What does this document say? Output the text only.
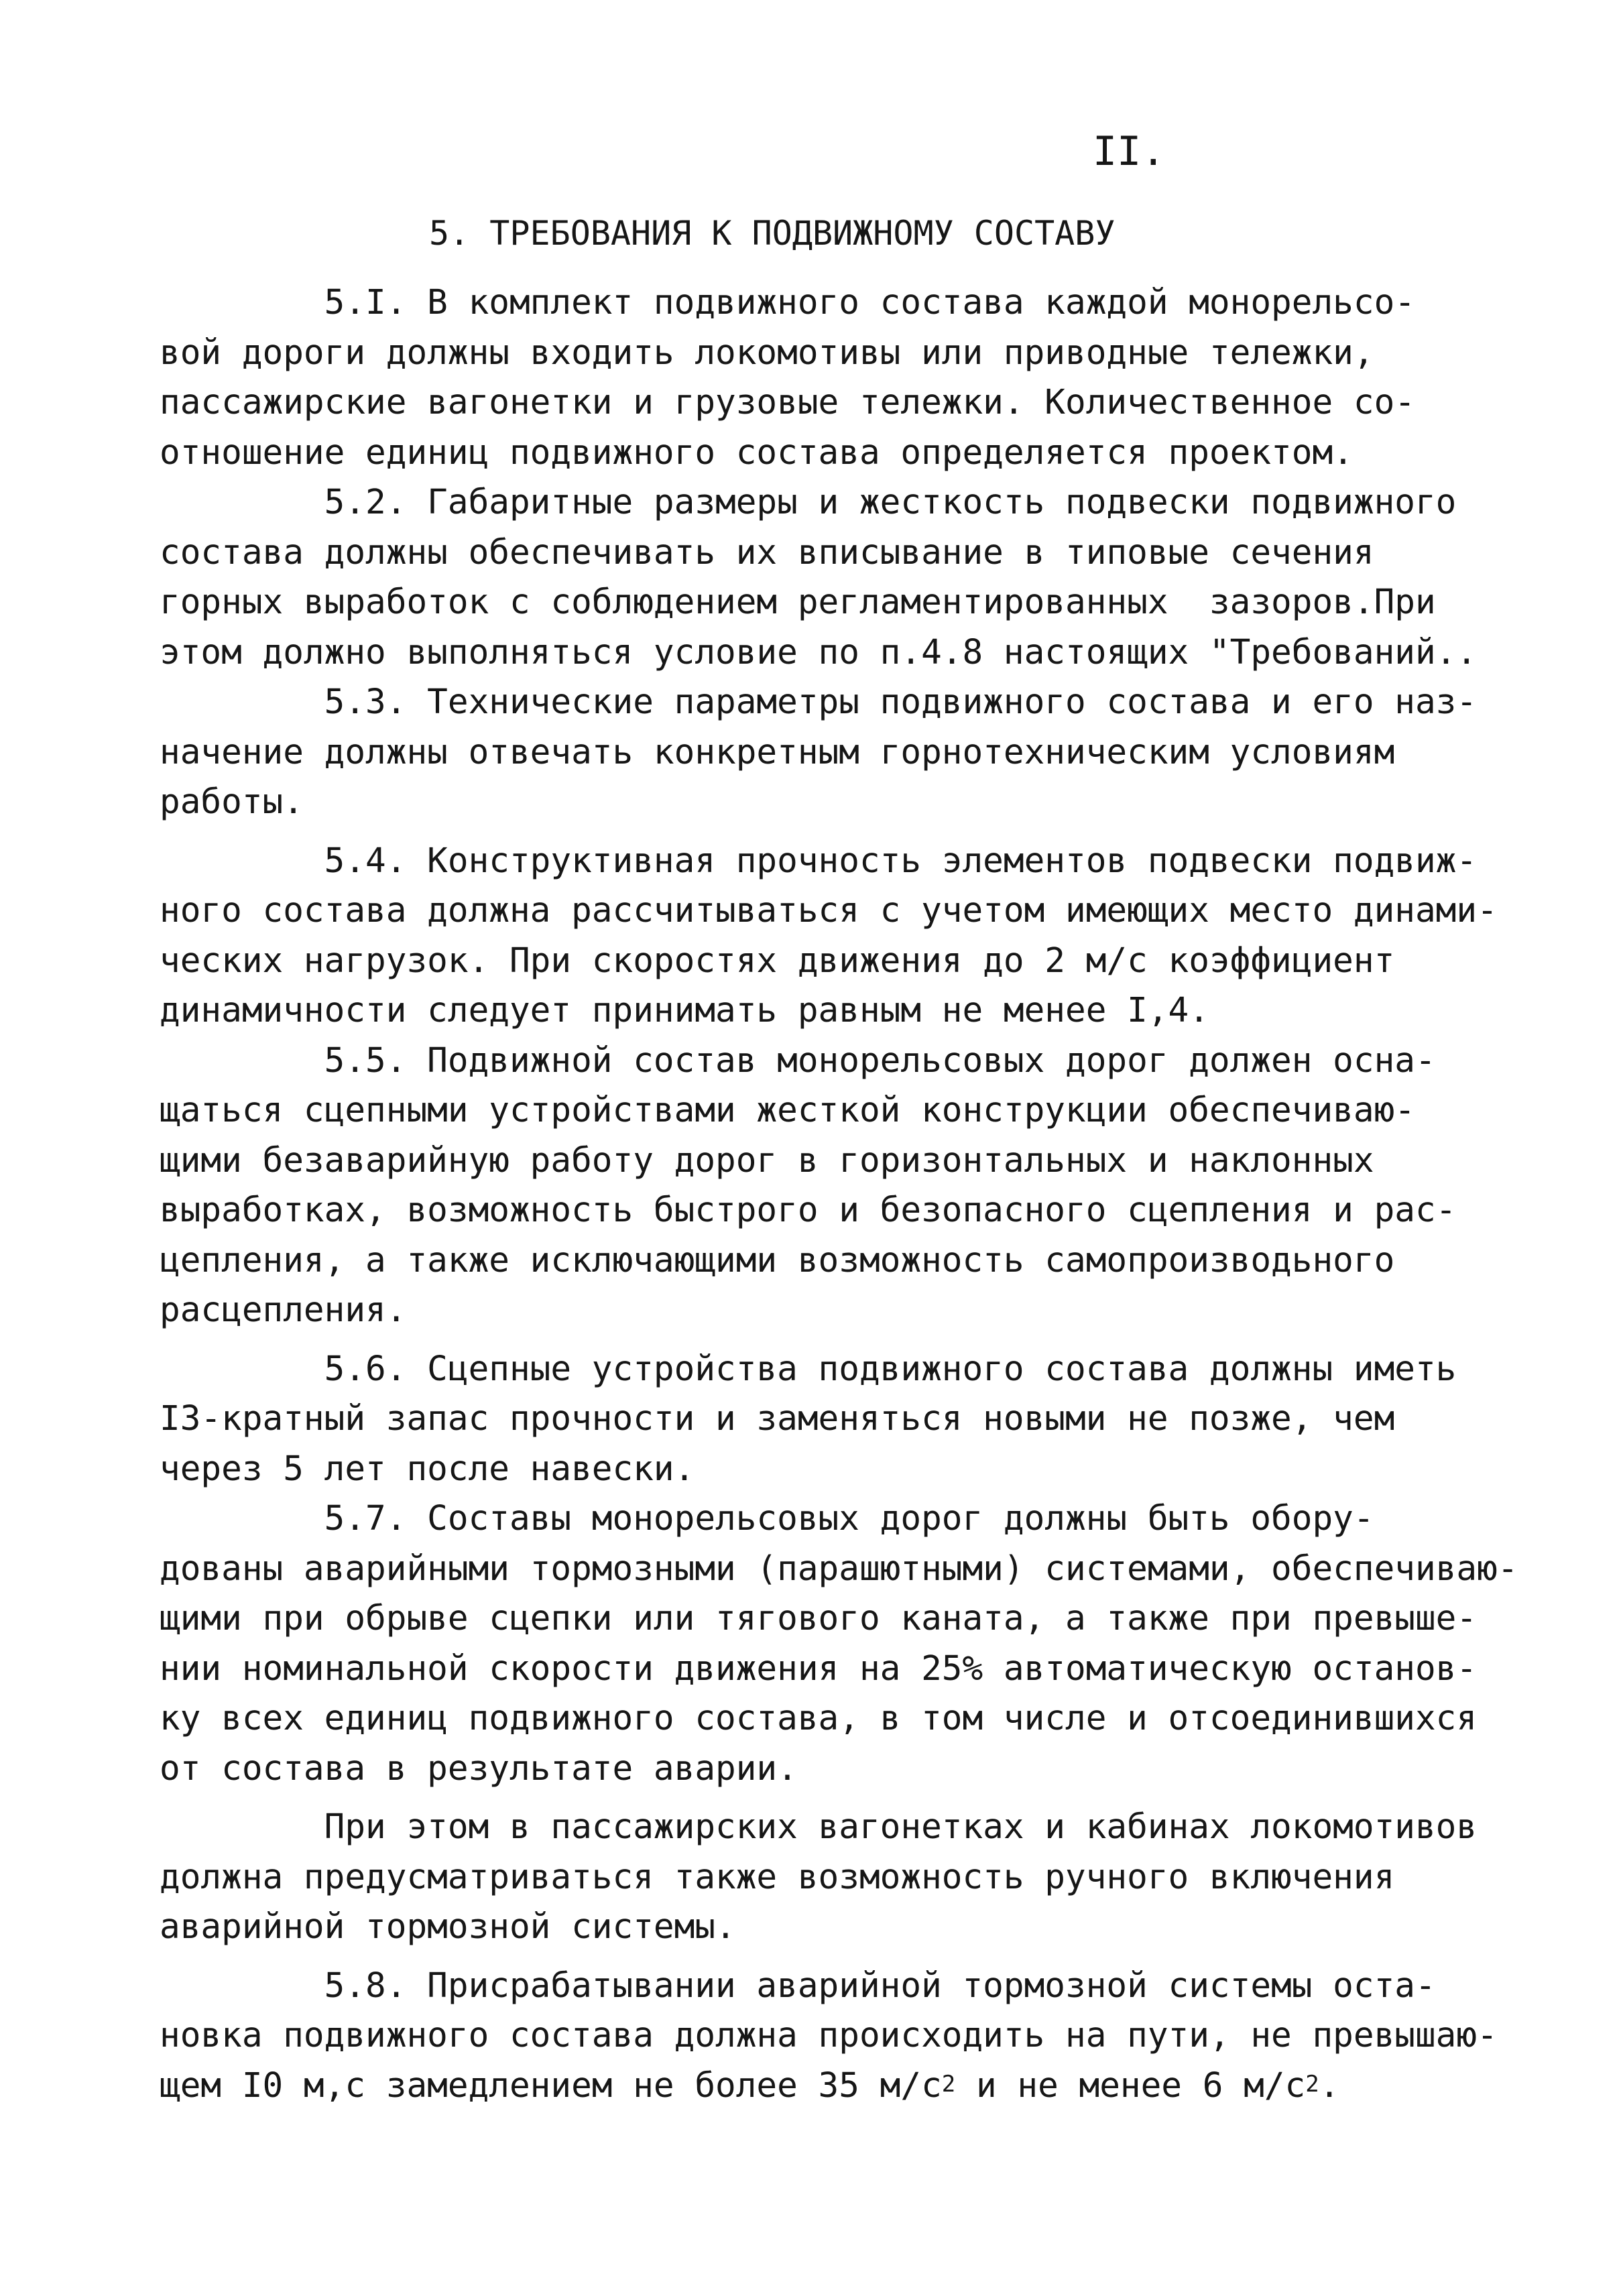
II.
5. ТРЕБОВАНИЯ К ПОДВИЖНОМУ СОСТАВУ
5.I. В комплект подвижного состава каждой монорельсо-
вой дороги должны входить локомотивы или приводные тележки,
пассажирские вагонетки и грузовые тележки. Количественное со-
отношение единиц подвижного состава определяется проектом.
5.2. Габаритные размеры и жесткость подвески подвижного
состава должны обеспечивать их вписывание в типовые сечения
горных выработок с соблюдением регламентированных  зазоров.При
этом должно выполняться условие по п.4.8 настоящих "Требований..
5.3. Технические параметры подвижного состава и его наз-
начение должны отвечать конкретным горнотехническим условиям
работы.
5.4. Конструктивная прочность элементов подвески подвиж-
ного состава должна рассчитываться с учетом имеющих место динами-
ческих нагрузок. При скоростях движения до 2 м/с коэффициент
динамичности следует принимать равным не менее I,4.
5.5. Подвижной состав монорельсовых дорог должен осна-
щаться сцепными устройствами жесткой конструкции обеспечиваю-
щими безаварийную работу дорог в горизонтальных и наклонных
выработках, возможность быстрого и безопасного сцепления и рас-
цепления, а также исключающими возможность самопроизводьного
расцепления.
5.6. Сцепные устройства подвижного состава должны иметь
I3-кратный запас прочности и заменяться новыми не позже, чем
через 5 лет после навески.
5.7. Составы монорельсовых дорог должны быть обору-
дованы аварийными тормозными (парашютными) системами, обеспечиваю-
щими при обрыве сцепки или тягового каната, а также при превыше-
нии номинальной скорости движения на 25% автоматическую останов-
ку всех единиц подвижного состава, в том числе и отсоединившихся
от состава в результате аварии.
При этом в пассажирских вагонетках и кабинах локомотивов
должна предусматриваться также возможность ручного включения
аварийной тормозной системы.
5.8. Присрабатывании аварийной тормозной системы оста-
новка подвижного состава должна происходить на пути, не превышаю-
щем I0 м,с замедлением не более 35 $м/с^2$ и не менее 6 $м/с^2$.
